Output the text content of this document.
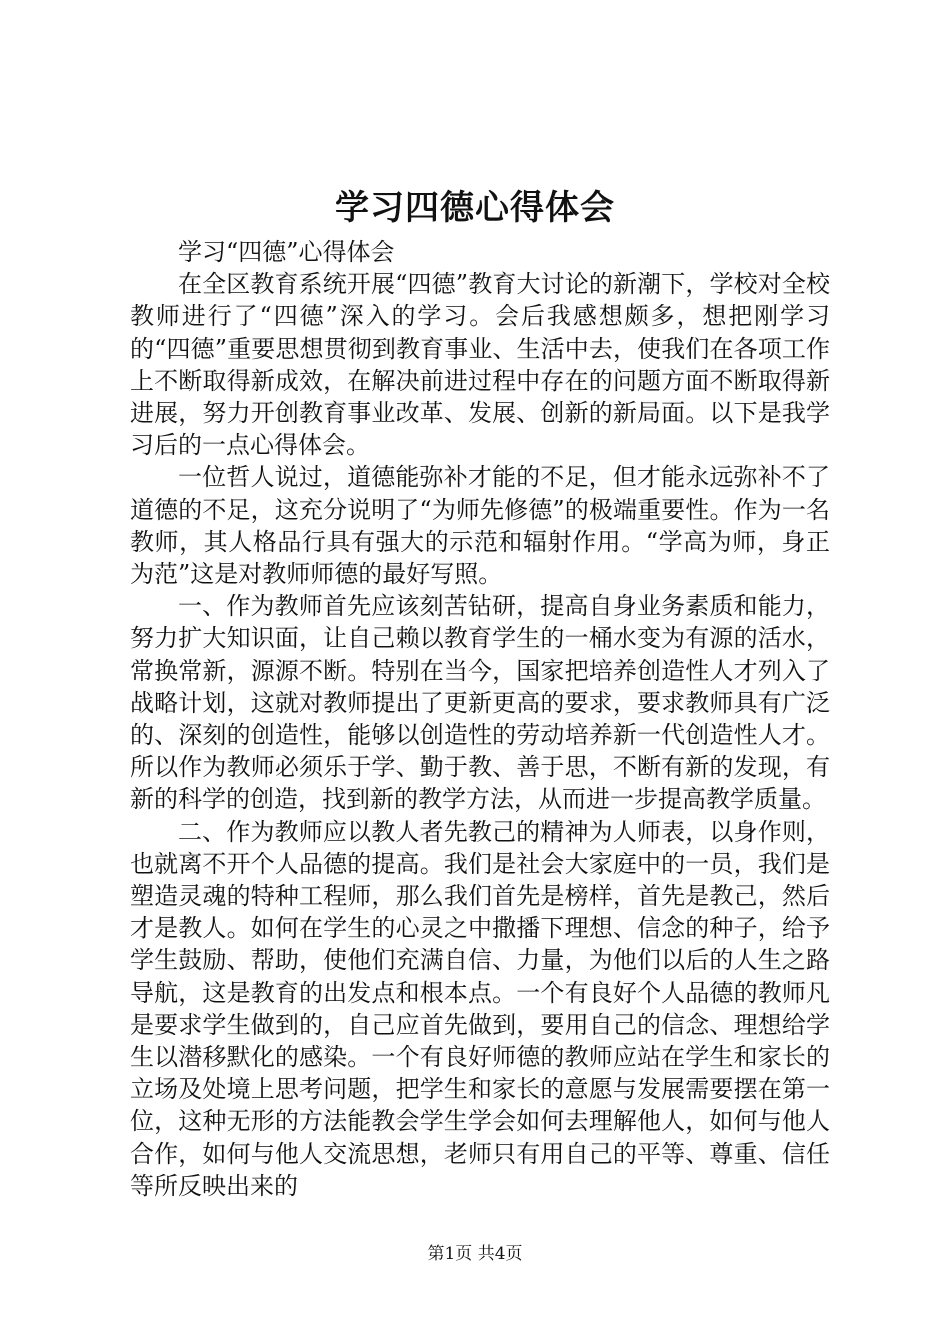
学习四德心得体会

学习“四德”心得体会

在全区教育系统开展“四德”教育大讨论的新潮下，学校对全校教师进行了“四德”深入的学习。会后我感想颇多，想把刚学习的“四德”重要思想贯彻到教育事业、生活中去，使我们在各项工作上不断取得新成效，在解决前进过程中存在的问题方面不断取得新进展，努力开创教育事业改革、发展、创新的新局面。以下是我学习后的一点心得体会。

一位哲人说过，道德能弥补才能的不足，但才能永远弥补不了道德的不足，这充分说明了“为师先修德”的极端重要性。作为一名教师，其人格品行具有强大的示范和辐射作用。“学高为师，身正为范”这是对教师师德的最好写照。

一、作为教师首先应该刻苦钻研，提高自身业务素质和能力，努力扩大知识面，让自己赖以教育学生的一桶水变为有源的活水，常换常新，源源不断。特别在当今，国家把培养创造性人才列入了战略计划，这就对教师提出了更新更高的要求，要求教师具有广泛的、深刻的创造性，能够以创造性的劳动培养新一代创造性人才。所以作为教师必须乐于学、勤于教、善于思，不断有新的发现，有新的科学的创造，找到新的教学方法，从而进一步提高教学质量。

二、作为教师应以教人者先教己的精神为人师表，以身作则，也就离不开个人品德的提高。我们是社会大家庭中的一员，我们是塑造灵魂的特种工程师，那么我们首先是榜样，首先是教己，然后才是教人。如何在学生的心灵之中撒播下理想、信念的种子，给予学生鼓励、帮助，使他们充满自信、力量，为他们以后的人生之路导航，这是教育的出发点和根本点。一个有良好个人品德的教师凡是要求学生做到的，自己应首先做到，要用自己的信念、理想给学生以潜移默化的感染。一个有良好师德的教师应站在学生和家长的立场及处境上思考问题，把学生和家长的意愿与发展需要摆在第一位，这种无形的方法能教会学生学会如何去理解他人，如何与他人合作，如何与他人交流思想，老师只有用自己的平等、尊重、信任等所反映出来的

第1页 共4页
